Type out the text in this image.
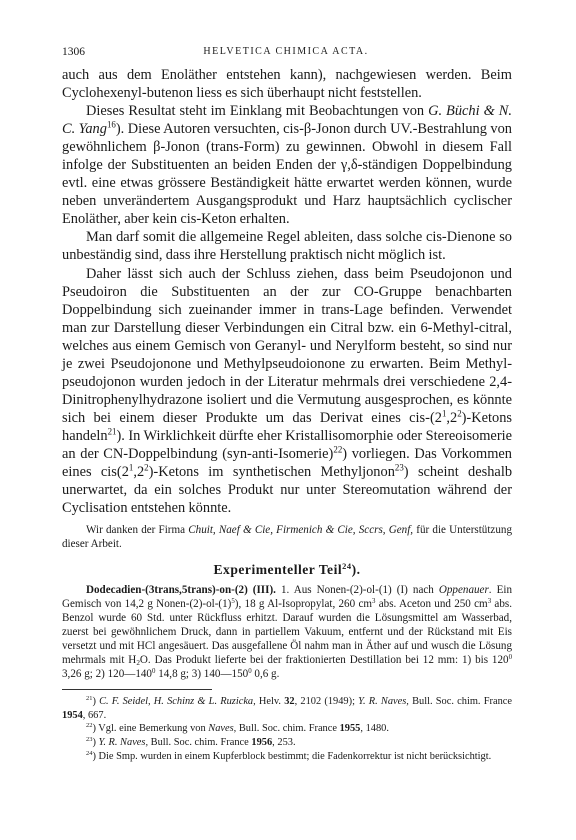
1306	HELVETICA CHIMICA ACTA.

auch aus dem Enoläther entstehen kann), nachgewiesen werden. Beim Cyclohexenyl-butenon liess es sich überhaupt nicht feststellen.

Dieses Resultat steht im Einklang mit Beobachtungen von G. Büchi & N. C. Yang$^{16}$). Diese Autoren versuchten, cis-β-Jonon durch UV.-Bestrahlung von gewöhnlichem β-Jonon (trans-Form) zu gewinnen. Obwohl in diesem Fall infolge der Substituenten an beiden Enden der γ,δ-ständigen Doppelbindung evtl. eine etwas grössere Beständigkeit hätte erwartet werden können, wurde neben unverändertem Ausgangsprodukt und Harz hauptsächlich cyclischer Enoläther, aber kein cis-Keton erhalten.

Man darf somit die allgemeine Regel ableiten, dass solche cis-Dienone so unbeständig sind, dass ihre Herstellung praktisch nicht möglich ist.

Daher lässt sich auch der Schluss ziehen, dass beim Pseudojonon und Pseudoiron die Substituenten an der zur CO-Gruppe benachbarten Doppelbindung sich zueinander immer in trans-Lage befinden. Verwendet man zur Darstellung dieser Verbindungen ein Citral bzw. ein 6-Methyl-citral, welches aus einem Gemisch von Geranyl- und Nerylform besteht, so sind nur je zwei Pseudojonone und Methylpseudoionone zu erwarten. Beim Methyl-pseudojonon wurden jedoch in der Literatur mehrmals drei verschiedene 2,4-Dinitrophenylhydrazone isoliert und die Vermutung ausgesprochen, es könnte sich bei einem dieser Produkte um das Derivat eines cis-$(2^1,2^2)$-Ketons handeln$^{21}$). In Wirklichkeit dürfte eher Kristallisomorphie oder Stereoisomerie an der CN-Doppelbindung (syn-anti-Isomerie)$^{22}$) vorliegen. Das Vorkommen eines $cis(2^1,2^2)$-Ketons im synthetischen Methyljonon$^{23}$) scheint deshalb unerwartet, da ein solches Produkt nur unter Stereomutation während der Cyclisation entstehen könnte.

Wir danken der Firma Chuit, Naef & Cie, Firmenich & Cie, Sccrs, Genf, für die Unterstützung dieser Arbeit.

Experimenteller Teil$^{24}$).

Dodecadien-(3trans,5trans)-on-(2) (III). 1. Aus Nonen-(2)-ol-(1) (I) nach Oppenauer. Ein Gemisch von 14,2 g Nonen-$(2)-ol-(1)^5$), 18 g Al-Isopropylat, 260 $cm^3$ abs. Aceton und 250 $cm^3$ abs. Benzol wurde 60 Std. unter Rückfluss erhitzt. Darauf wurden die Lösungsmittel am Wasserbad, zuerst bei gewöhnlichem Druck, dann in partiellem Vakuum, entfernt und der Rückstand mit Eis versetzt und mit HCl angesäuert. Das ausgefallene Öl nahm man in Äther auf und wusch die Lösung mehrmals mit $H_2O$. Das Produkt lieferte bei der fraktionierten Destillation bei 12 mm: 1) bis $120^0$ 3,26 g; 2) $120—140^0$ 14,8 g; 3) $140—150^0$ 0,6 g.

$^{21}$) C. F. Seidel, H. Schinz & L. Ruzicka, Helv. 32, 2102 (1949); Y. R. Naves, Bull. Soc. chim. France 1954, 667.

$^{22}$) Vgl. eine Bemerkung von Naves, Bull. Soc. chim. France 1955, 1480.

$^{23}$) Y. R. Naves, Bull. Soc. chim. France 1956, 253.

$^{24}$) Die Smp. wurden in einem Kupferblock bestimmt; die Fadenkorrektur ist nicht berücksichtigt.
